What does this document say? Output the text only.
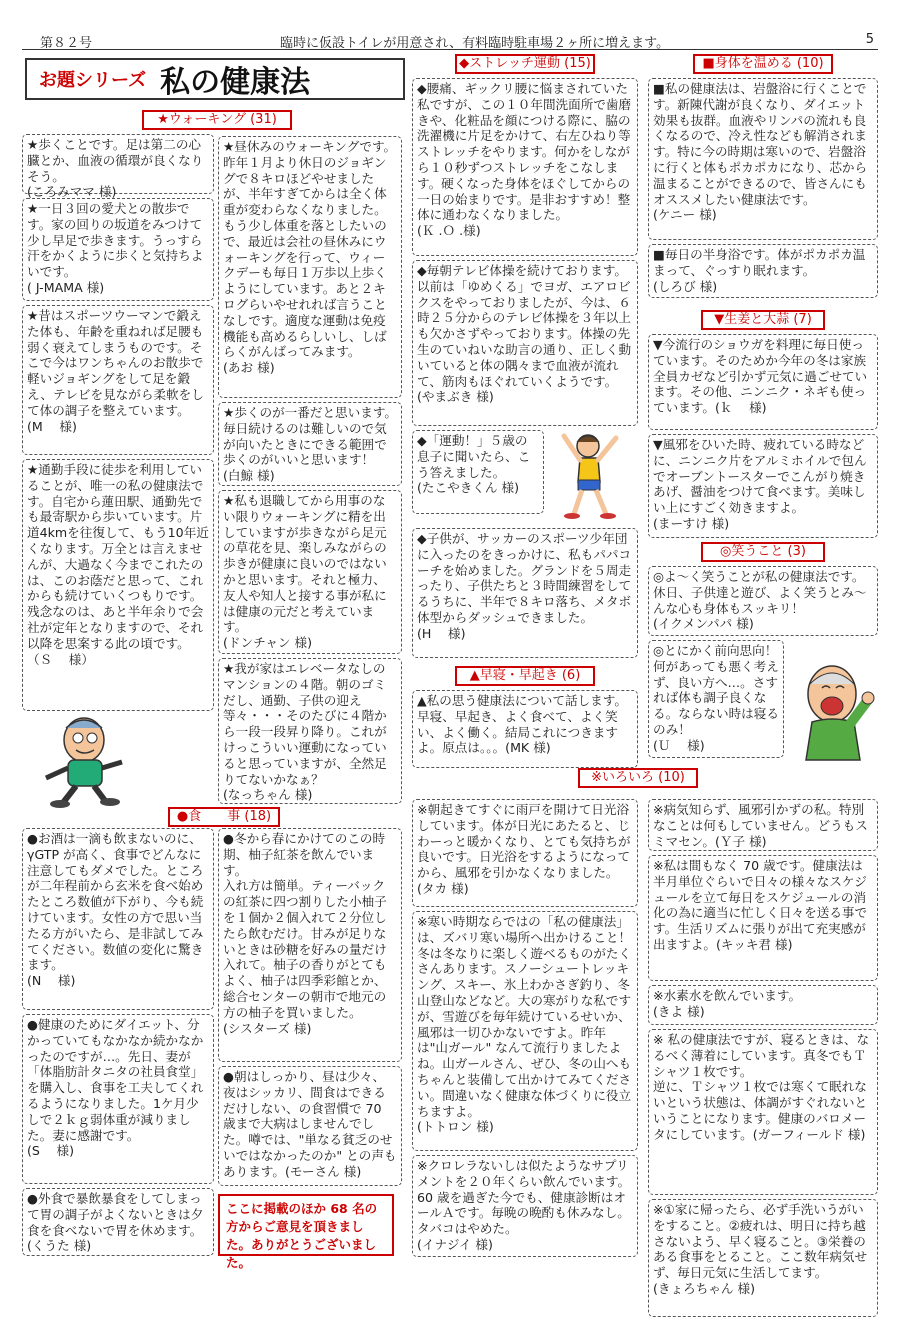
第８２号	臨時に仮設トイレが用意され、有料臨時駐車場２ヶ所に増えます。	5
お題シリーズ 私の健康法
★ウォーキング (31)
★歩くことです。足は第二の心臓とか、血液の循環が良くなりそう。
(ころみママ 様)
★一日３回の愛犬との散歩です。家の回りの坂道をみつけて少し早足で歩きます。うっすら汗をかくように歩くと気持ちよいです。
( J-MAMA 様)
★昔はスポーツウーマンで鍛えた体も、年齢を重ねれば足腰も弱く衰えてしまうものです。そこで今はワンちゃんのお散歩で軽いジョギングをして足を鍛え、テレビを見ながら柔軟をして体の調子を整えています。
(M　 様)
★通勤手段に徒歩を利用していることが、唯一の私の健康法です。自宅から蓮田駅、通勤先でも最寄駅から歩いています。片道4kmを往復して、もう10年近くなります。万全とは言えませんが、大過なく今までこれたのは、このお蔭だと思って、これからも続けていくつもりです。残念なのは、あと半年余りで会社が定年となりますので、それ以降を思案する此の頃です。
（Ｓ　 様）
★昼休みのウォーキングです。昨年１月より休日のジョギングで８キロほどやせましたが、半年すぎてからは全く体重が変わらなくなりました。もう少し体重を落としたいので、最近は会社の昼休みにウォーキングを行って、ウィークデーも毎日１万歩以上歩くようにしています。あと２キログらいやせれれば言うことなしです。適度な運動は免疫機能も高めるらしいし、しばらくがんばってみます。
(あお 様)
★歩くのが一番だと思います。毎日続けるのは難しいので気が向いたときにできる範囲で歩くのがいいと思います！(白鯨 様)
★私も退職してから用事のない限りウォーキングに精を出していますが歩きながら足元の草花を見、楽しみながらの歩きが健康に良いのではないかと思います。それと極力、友人や知人と接する事が私には健康の元だと考えています。
(ドンチャン 様)
★我が家はエレベータなしのマンションの４階。朝のゴミだし、通勤、子供の迎え等々・・・そのたびに４階から一段一段昇り降り。これがけっこういい運動になっていると思っていますが、全然足りてないかなぁ？(なっちゃん 様)
●食　　事 (18)
●お酒は一滴も飲まないのに、γGTP が高く、食事でどんなに注意してもダメでした。ところが二年程前から玄米を食べ始めたところ数値が下がり、今も続けています。女性の方で思い当たる方がいたら、是非試してみてください。数値の変化に驚きます。
(N　 様)
●健康のためにダイエット、分かっていてもなかなか続かなかったのですが…。先日、妻が「体脂肪計タニタの社員食堂」を購入し、食事を工夫してくれるようになりました。1ケ月少しで２ｋｇ弱体重が減りました。妻に感謝です。
(S　 様)
●外食で暴飲暴食をしてしまって胃の調子がよくないときは夕食を食べないで胃を休めます。(くうた 様)
●冬から春にかけてのこの時期、柚子紅茶を飲んでいます。
入れ方は簡単。ティーバックの紅茶に四つ割りした小柚子を１個か２個入れて２分位したら飲むだけ。甘みが足りないときは砂糖を好みの量だけ入れて。柚子の香りがとてもよく、柚子は四季彩館とか、総合センターの朝市で地元の方の柚子を買いました。(シスターズ 様)
●朝はしっかり、昼は少々、夜はシッカリ、間食はできるだけしない、の食習慣で 70 歳まで大病はしませんでした。噂では、"単なる貧乏のせいではなかったのか" との声もあります。(モーさん 様)
ここに掲載のほか 68 名の方からご意見を頂きました。ありがとうございました。
◆ストレッチ運動 (15)
◆腰痛、ギックリ腰に悩まされていた私ですが、この１０年間洗面所で歯磨きや、化粧品を顔につける際に、脇の洗濯機に片足をかけて、右左ひねり等ストレッチをやります。何かをしながら１０秒ずつストレッチをこなします。硬くなった身体をほぐしてからの一日の始まりです。是非おすすめ！整体に通わなくなりました。
(Ｋ .Ｏ .様)
◆毎朝テレビ体操を続けております。以前は「ゆめくる」でヨガ、エアロビクスをやっておりましたが、今は、６時２５分からのテレビ体操を３年以上も欠かさずやっております。体操の先生のていねいな助言の通り、正しく動いていると体の隅々まで血液が流れて、筋肉もほぐれていくようです。
(やまぶき 様)
◆「運動！」５歳の息子に聞いたら、こう答えました。
(たこやきくん 様)
◆子供が、サッカーのスポーツ少年団に入ったのをきっかけに、私もパパコーチを始めました。グランドを５周走ったり、子供たちと３時間練習をしてるうちに、半年で８キロ落ち、メタボ体型からダッシュできました。(H　 様)
▲早寝・早起き (6)
▲私の思う健康法について話します。早寝、早起き、よく食べて、よく笑い、よく働く。結局これにつきますよ。原点は。。。(MK 様)
■身体を温める (10)
■私の健康法は、岩盤浴に行くことです。新陳代謝が良くなり、ダイエット効果も抜群。血液やリンパの流れも良くなるので、冷え性なども解消されます。特に今の時期は寒いので、岩盤浴に行くと体もポカポカになり、芯から温まることができるので、皆さんにもオススメしたい健康法です。
(ケニー 様)
■毎日の半身浴です。体がポカポカ温まって、ぐっすり眠れます。
(しろび 様)
▼生姜と大蒜 (7)
▼今流行のショウガを料理に毎日使っています。そのためか今年の冬は家族全員カゼなど引かず元気に過ごせています。その他、ニンニク・ネギも使っています。(ｋ　 様)
▼風邪をひいた時、疲れている時などに、ニンニク片をアルミホイルで包んでオーブントースターでこんがり焼きあげ、醤油をつけて食べます。美味しい上にすごく効きますよ。(まーすけ 様)
◎笑うこと (3)
◎よ～く笑うことが私の健康法です。休日、子供達と遊び、よく笑うとみ～んな心も身体もスッキリ！(イクメンパパ 様)
◎とにかく前向思向！何があっても悪く考えず、良い方へ…。さすれば体も調子良くなる。ならない時は寝るのみ！
(Ｕ　 様)
※いろいろ (10)
※朝起きてすぐに雨戸を開けて日光浴しています。体が日光にあたると、じわーっと暖かくなり、とても気持ちが良いです。日光浴をするようになってから、風邪を引かなくなりました。(タカ 様)
※寒い時期ならではの「私の健康法」は、ズバリ寒い場所へ出かけること！冬は冬なりに楽しく遊べるものがたくさんあります。スノーシュートレッキング、スキー、氷上わかさぎ釣り、冬山登山などなど。大の寒がりな私ですが、雪遊びを毎年続けているせいか、風邪は一切ひかないですよ。昨年は"山ガール" なんて流行りましたよね。山ガールさん、ぜひ、冬の山へもちゃんと装備して出かけてみてください。間違いなく健康な体づくりに役立ちますよ。
(トトロン 様)
※クロレラないしは似たようなサプリメントを２０年くらい飲んでいます。60 歳を過ぎた今でも、健康診断はオールＡです。毎晩の晩酌も休みなし。タバコはやめた。
(イナジイ 様)
※病気知らず、風邪引かずの私。特別なことは何もしていません。どうもスミマセン。(Ｙ子 様)
※私は間もなく 70 歳です。健康法は半月単位ぐらいで日々の様々なスケジュールを立て毎日をスケジュールの消化の為に適当に忙しく日々を送る事です。生活リズムに張りが出て充実感が出ますよ。(キッキ君 様)
※水素水を飲んでいます。
(きよ 様)
※ 私の健康法ですが、寝るときは、なるべく薄着にしています。真冬でもＴシャツ１枚です。
逆に、Ｔシャツ１枚では寒くて眠れないという状態は、体調がすぐれないということになります。健康のバロメータにしています。(ガーフィールド 様)
※①家に帰ったら、必ず手洗いうがいをすること。②疲れは、明日に持ち越さないよう、早く寝ること。③栄養のある食事をとること。ここ数年病気せず、毎日元気に生活してます。
(きょろちゃん 様)
